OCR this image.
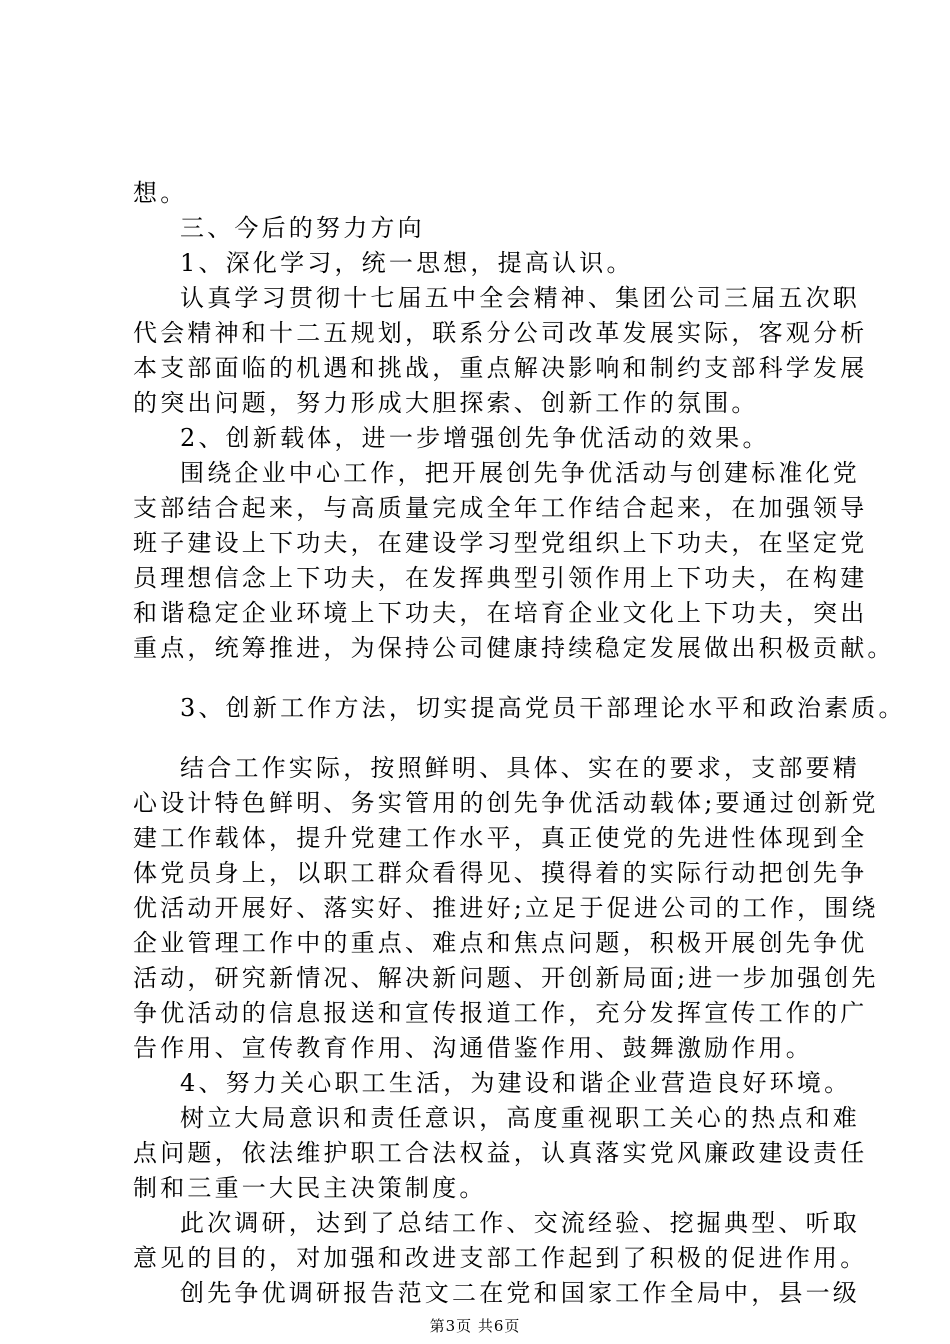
想。
三、今后的努力方向
1、深化学习，统一思想，提高认识。
认真学习贯彻十七届五中全会精神、集团公司三届五次职
代会精神和十二五规划，联系分公司改革发展实际，客观分析
本支部面临的机遇和挑战，重点解决影响和制约支部科学发展
的突出问题，努力形成大胆探索、创新工作的氛围。
2、创新载体，进一步增强创先争优活动的效果。
围绕企业中心工作，把开展创先争优活动与创建标准化党
支部结合起来，与高质量完成全年工作结合起来，在加强领导
班子建设上下功夫，在建设学习型党组织上下功夫，在坚定党
员理想信念上下功夫，在发挥典型引领作用上下功夫，在构建
和谐稳定企业环境上下功夫，在培育企业文化上下功夫，突出
重点，统筹推进，为保持公司健康持续稳定发展做出积极贡献。
3、创新工作方法，切实提高党员干部理论水平和政治素质。
结合工作实际，按照鲜明、具体、实在的要求，支部要精
心设计特色鲜明、务实管用的创先争优活动载体;要通过创新党
建工作载体，提升党建工作水平，真正使党的先进性体现到全
体党员身上，以职工群众看得见、摸得着的实际行动把创先争
优活动开展好、落实好、推进好;立足于促进公司的工作，围绕
企业管理工作中的重点、难点和焦点问题，积极开展创先争优
活动，研究新情况、解决新问题、开创新局面;进一步加强创先
争优活动的信息报送和宣传报道工作，充分发挥宣传工作的广
告作用、宣传教育作用、沟通借鉴作用、鼓舞激励作用。
4、努力关心职工生活，为建设和谐企业营造良好环境。
树立大局意识和责任意识，高度重视职工关心的热点和难
点问题，依法维护职工合法权益，认真落实党风廉政建设责任
制和三重一大民主决策制度。
此次调研，达到了总结工作、交流经验、挖掘典型、听取
意见的目的，对加强和改进支部工作起到了积极的促进作用。
创先争优调研报告范文二在党和国家工作全局中，县一级
第3页 共6页
